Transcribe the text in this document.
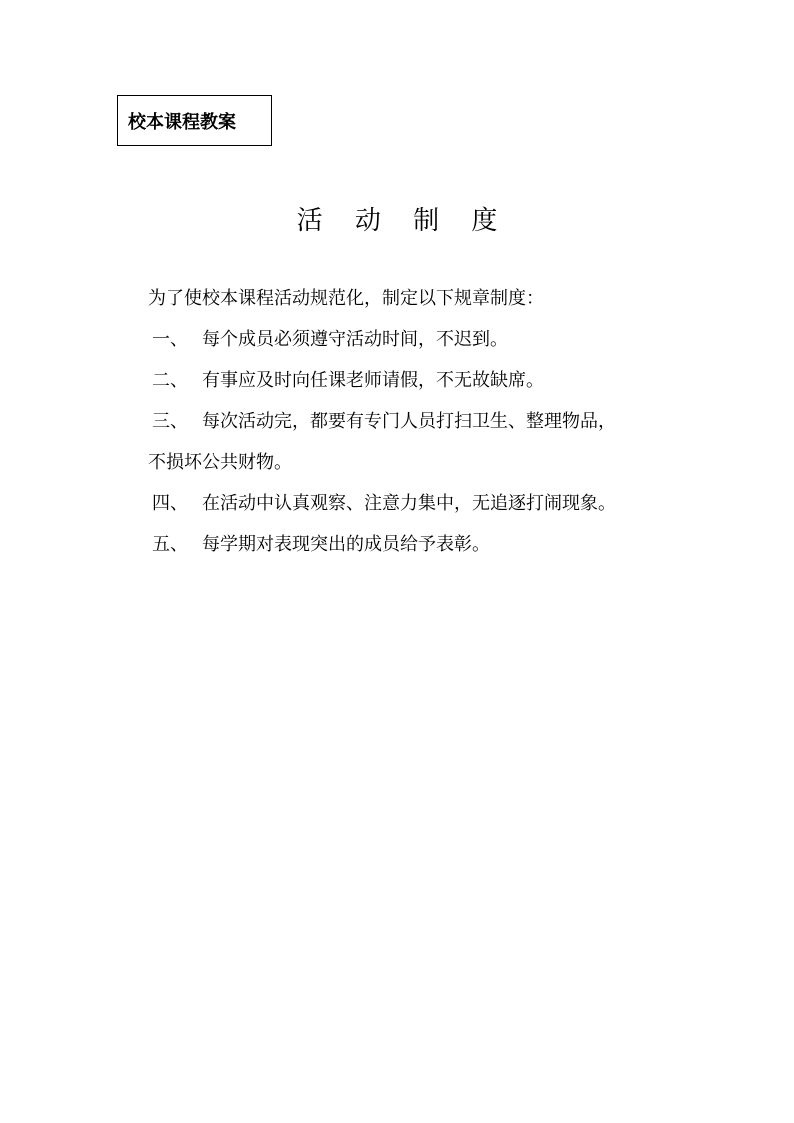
校本课程教案
活 动 制 度

为了使校本课程活动规范化，制定以下规章制度：

一、 每个成员必须遵守活动时间，不迟到。
二、 有事应及时向任课老师请假，不无故缺席。
三、 每次活动完，都要有专门人员打扫卫生、整理物品，

不损坏公共财物。

四、 在活动中认真观察、注意力集中，无追逐打闹现象。
五、 每学期对表现突出的成员给予表彰。
